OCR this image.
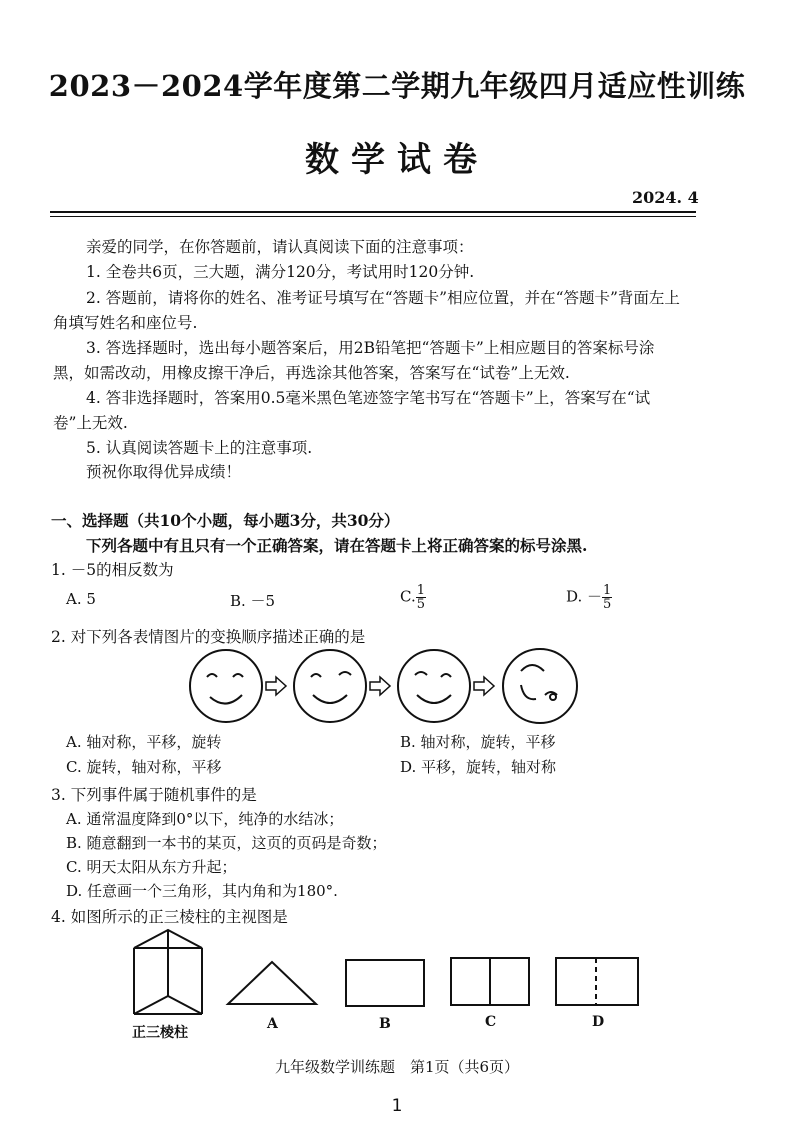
2023－2024学年度第二学期九年级四月适应性训练
数学试卷
2024. 4
亲爱的同学，在你答题前，请认真阅读下面的注意事项：
1. 全卷共6页，三大题，满分120分，考试用时120分钟.
2. 答题前，请将你的姓名、准考证号填写在“答题卡”相应位置，并在“答题卡”背面左上
角填写姓名和座位号.
3. 答选择题时，选出每小题答案后，用2B铅笔把“答题卡”上相应题目的答案标号涂
黑，如需改动，用橡皮擦干净后，再选涂其他答案，答案写在“试卷”上无效.
4. 答非选择题时，答案用0.5毫米黑色笔迹签字笔书写在“答题卡”上，答案写在“试
卷”上无效.
5. 认真阅读答题卡上的注意事项.
预祝你取得优异成绩！
一、选择题（共10个小题，每小题3分，共30分）
下列各题中有且只有一个正确答案，请在答题卡上将正确答案的标号涂黑.
1. －5的相反数为
A. 5	B. －5	C. $\frac{1}{5}$	D. － $\frac{1}{5}$
2. 对下列各表情图片的变换顺序描述正确的是
A. 轴对称，平移，旋转	B. 轴对称，旋转，平移
C. 旋转，轴对称，平移	D. 平移，旋转，轴对称
3. 下列事件属于随机事件的是
A. 通常温度降到0°以下，纯净的水结冰；
B. 随意翻到一本书的某页，这页的页码是奇数；
C. 明天太阳从东方升起；
D. 任意画一个三角形，其内角和为180°.
4. 如图所示的正三棱柱的主视图是
正三棱柱
A	B	C	D
九年级数学训练题　第1页（共6页）
1
